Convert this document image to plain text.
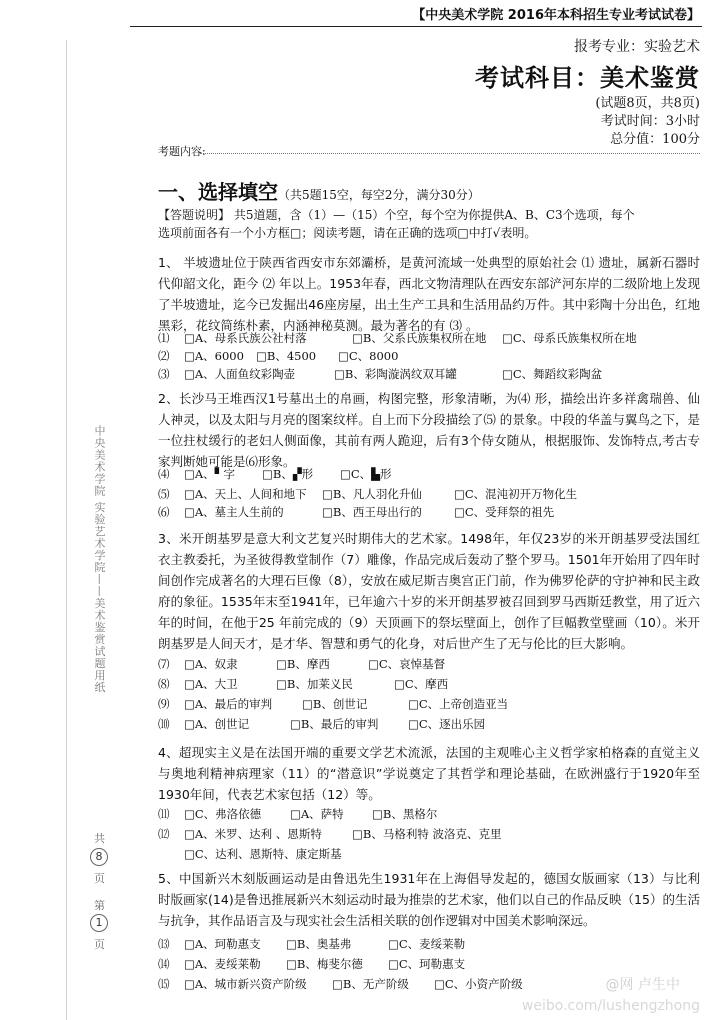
中央美术学院 实验艺术学院——美术鉴赏试题用纸
共
8
页
第
1
页
【中央美术学院 2016年本科招生专业考试试卷】
报考专业：实验艺术
考试科目：美术鉴赏
(试题8页，共8页)
考试时间：3小时
总分值：100分
考题内容:
一、选择填空（共5题15空，每空2分，满分30分）
【答题说明】 共5道题，含（1）—（15）个空，每个空为你提供A、B、C3个选项，每个
选项前面各有一个小方框□；阅读考题，请在正确的选项□中打√表明。
1、 半坡遗址位于陕西省西安市东郊灞桥，是黄河流域一处典型的原始社会 ⑴ 遗址，属新石器时代仰韶文化，距今 ⑵ 年以上。1953年春，西北文物清理队在西安东部浐河东岸的二级阶地上发现了半坡遗址，迄今已发掘出46座房屋，出土生产工具和生活用品约万件。其中彩陶十分出色，红地黑彩，花纹简练朴素，内涵神秘莫测。最为著名的有 ⑶ 。
⑴ □A、母系氏族公社村落	□B、父系氏族集权所在地 □C、母系氏族集权所在地
⑵ □A、6000 □B、4500 □C、8000
⑶ □A、人面鱼纹彩陶壶	□B、彩陶漩涡纹双耳罐	□C、舞蹈纹彩陶盆
2、长沙马王堆西汉1号墓出土的帛画，构图完整，形象清晰，为⑷ 形，描绘出许多祥禽瑞兽、仙人神灵，以及太阳与月亮的图案纹样。自上而下分段描绘了⑸ 的景象。中段的华盖与翼鸟之下，是一位拄杖缓行的老妇人侧面像，其前有两人跪迎，后有3个侍女随从，根据服饰、发饰特点,考古专家判断她可能是⑹形象。
⑷ □A、▘字 □B、▞形 □C、▙形
⑸ □A、天上、人间和地下 □B、凡人羽化升仙	□C、混沌初开万物化生
⑹ □A、墓主人生前的	□B、西王母出行的	□C、受拜祭的祖先
3、米开朗基罗是意大利文艺复兴时期伟大的艺术家。1498年，年仅23岁的米开朗基罗受法国红衣主教委托，为圣彼得教堂制作（7）雕像，作品完成后轰动了整个罗马。1501年开始用了四年时间创作完成著名的大理石巨像（8），安放在威尼斯吉奥宫正门前，作为佛罗伦萨的守护神和民主政府的象征。1535年末至1941年，已年逾六十岁的米开朗基罗被召回到罗马西斯廷教堂，用了近六年的时间，在他于25 年前完成的（9）天顶画下的祭坛壁面上，创作了巨幅教堂壁画（10）。米开朗基罗是人间天才，是才华、智慧和勇气的化身，对后世产生了无与伦比的巨大影响。
⑺ □A、奴隶	□B、摩西	□C、哀悼基督
⑻ □A、大卫	□B、加莱义民	□C、摩西
⑼ □A、最后的审判	□B、创世记	□C、上帝创造亚当
⑽ □A、创世记	□B、最后的审判	□C、逐出乐园
4、超现实主义是在法国开端的重要文学艺术流派，法国的主观唯心主义哲学家柏格森的直觉主义 与奥地利精神病理家（11）的“潜意识”学说奠定了其哲学和理论基础，在欧洲盛行于1920年至1930年间，代表艺术家包括（12）等。
⑾ □C、弗洛依德	□A、萨特 □B、黑格尔
⑿ □A、米罗、达利 、恩斯特	□B、马格利特 波洛克、克里
□C、达利、恩斯特、康定斯基
5、中国新兴木刻版画运动是由鲁迅先生1931年在上海倡导发起的，德国女版画家（13）与比利时版画家(14)是鲁迅推展新兴木刻运动时最为推崇的艺术家，他们以自己的作品反映（15）的生活与抗争，其作品语言及与现实社会生活相关联的创作逻辑对中国美术影响深远。
⒀ □A、珂勒惠支 □B、奥基弗	□C、麦绥莱勒
⒁ □A、麦绥莱勒 □B、梅斐尔德 □C、珂勒惠支
⒂ □A、城市新兴资产阶级 □B、无产阶级 □C、小资产阶级	@网 卢生中
weibo.com/lushengzhong
